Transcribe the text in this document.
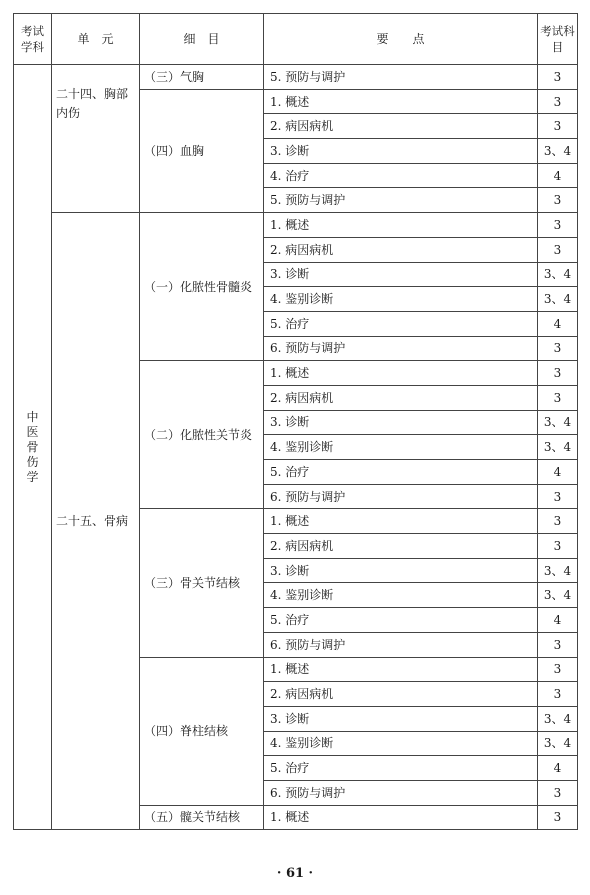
考试学科	单　元	细　目	要　　点	考试科目
中医骨伤学	二十四、胸部内伤	（三）气胸	5. 预防与调护	3
		（四）血胸	1. 概述	3
			2. 病因病机	3
			3. 诊断	3、4
			4. 治疗	4
			5. 预防与调护	3
	二十五、骨病	（一）化脓性骨髓炎	1. 概述	3
			2. 病因病机	3
			3. 诊断	3、4
			4. 鉴别诊断	3、4
			5. 治疗	4
			6. 预防与调护	3
		（二）化脓性关节炎	1. 概述	3
			2. 病因病机	3
			3. 诊断	3、4
			4. 鉴别诊断	3、4
			5. 治疗	4
			6. 预防与调护	3
		（三）骨关节结核	1. 概述	3
			2. 病因病机	3
			3. 诊断	3、4
			4. 鉴别诊断	3、4
			5. 治疗	4
			6. 预防与调护	3
		（四）脊柱结核	1. 概述	3
			2. 病因病机	3
			3. 诊断	3、4
			4. 鉴别诊断	3、4
			5. 治疗	4
			6. 预防与调护	3
		（五）髋关节结核	1. 概述	3
· 61 ·
